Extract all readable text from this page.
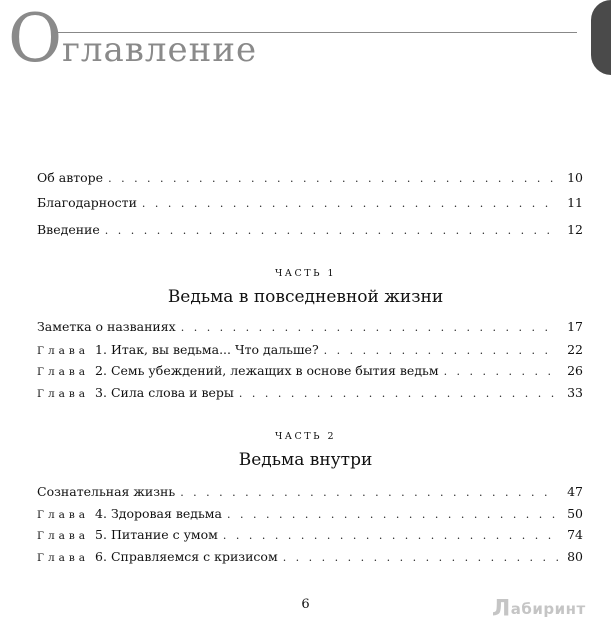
Оглавление
Об авторе . . .	10
Благодарности . . .	11
Введение . . .	12
ЧАСТЬ 1
Ведьма в повседневной жизни
Заметка о названиях . . .	17
Глава 1. Итак, вы ведьма... Что дальше? . . .	22
Глава 2. Семь убеждений, лежащих в основе бытия ведьм . . .	26
Глава 3. Сила слова и веры . . .	33
ЧАСТЬ 2
Ведьма внутри
Сознательная жизнь . . .	47
Глава 4. Здоровая ведьма . . .	50
Глава 5. Питание с умом . . .	74
Глава 6. Справляемся с кризисом . . .	80
6	Лабиринт
